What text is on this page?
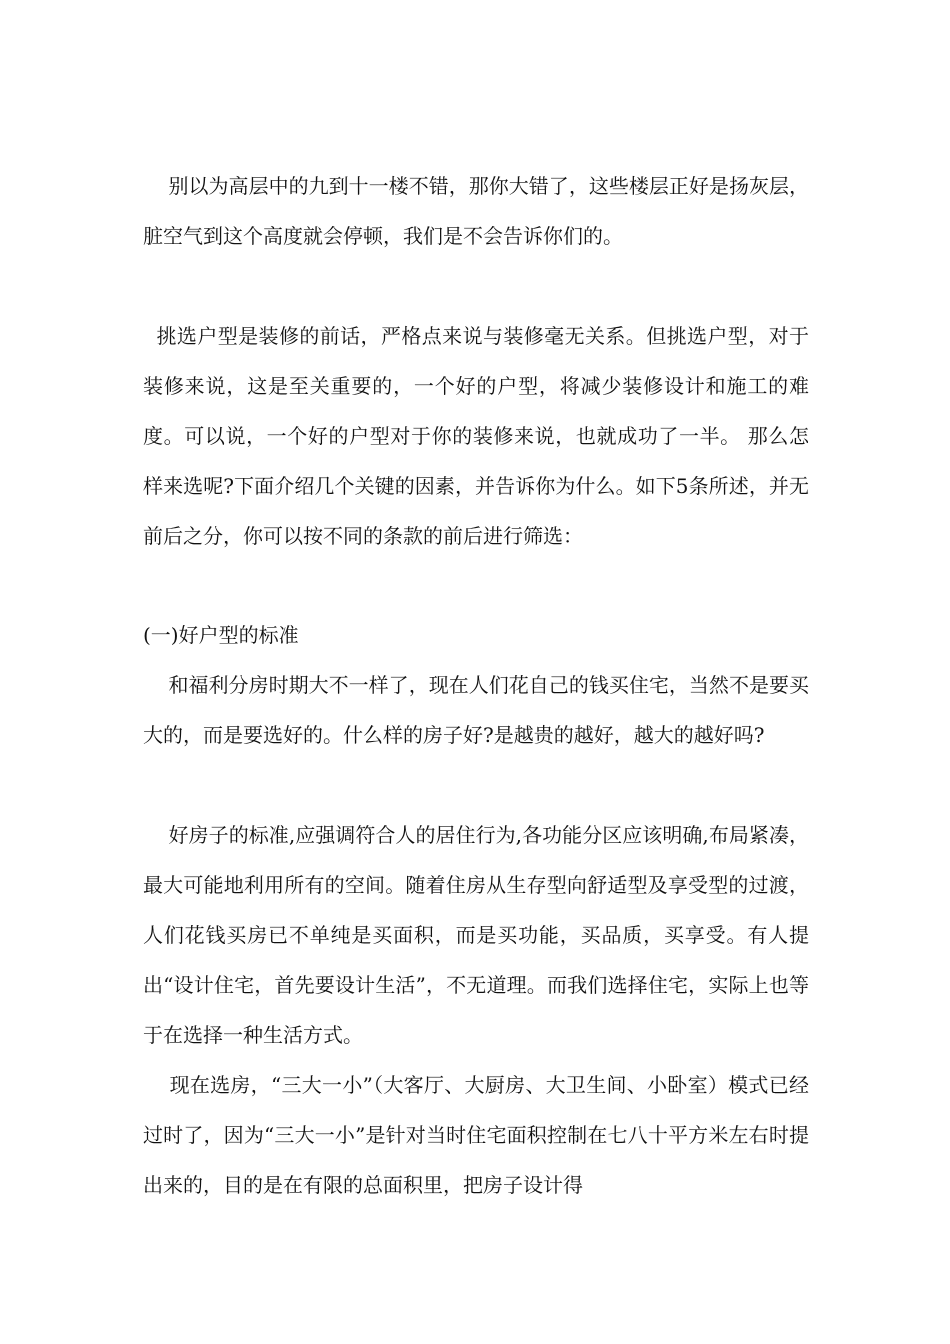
别以为高层中的九到十一楼不错，那你大错了，这些楼层正好是扬灰层，脏空气到这个高度就会停顿，我们是不会告诉你们的。

挑选户型是装修的前话，严格点来说与装修毫无关系。但挑选户型，对于装修来说，这是至关重要的，一个好的户型，将减少装修设计和施工的难度。可以说，一个好的户型对于你的装修来说，也就成功了一半。 那么怎样来选呢?下面介绍几个关键的因素，并告诉你为什么。如下5条所述，并无前后之分，你可以按不同的条款的前后进行筛选：

(一)好户型的标准

和福利分房时期大不一样了，现在人们花自己的钱买住宅，当然不是要买大的，而是要选好的。什么样的房子好?是越贵的越好，越大的越好吗?

好房子的标准,应强调符合人的居住行为,各功能分区应该明确,布局紧凑，最大可能地利用所有的空间。随着住房从生存型向舒适型及享受型的过渡，人们花钱买房已不单纯是买面积，而是买功能，买品质，买享受。有人提出“设计住宅，首先要设计生活”，不无道理。而我们选择住宅，实际上也等于在选择一种生活方式。

现在选房，“三大一小”（大客厅、大厨房、大卫生间、小卧室）模式已经过时了，因为“三大一小”是针对当时住宅面积控制在七八十平方米左右时提出来的，目的是在有限的总面积里，把房子设计得
